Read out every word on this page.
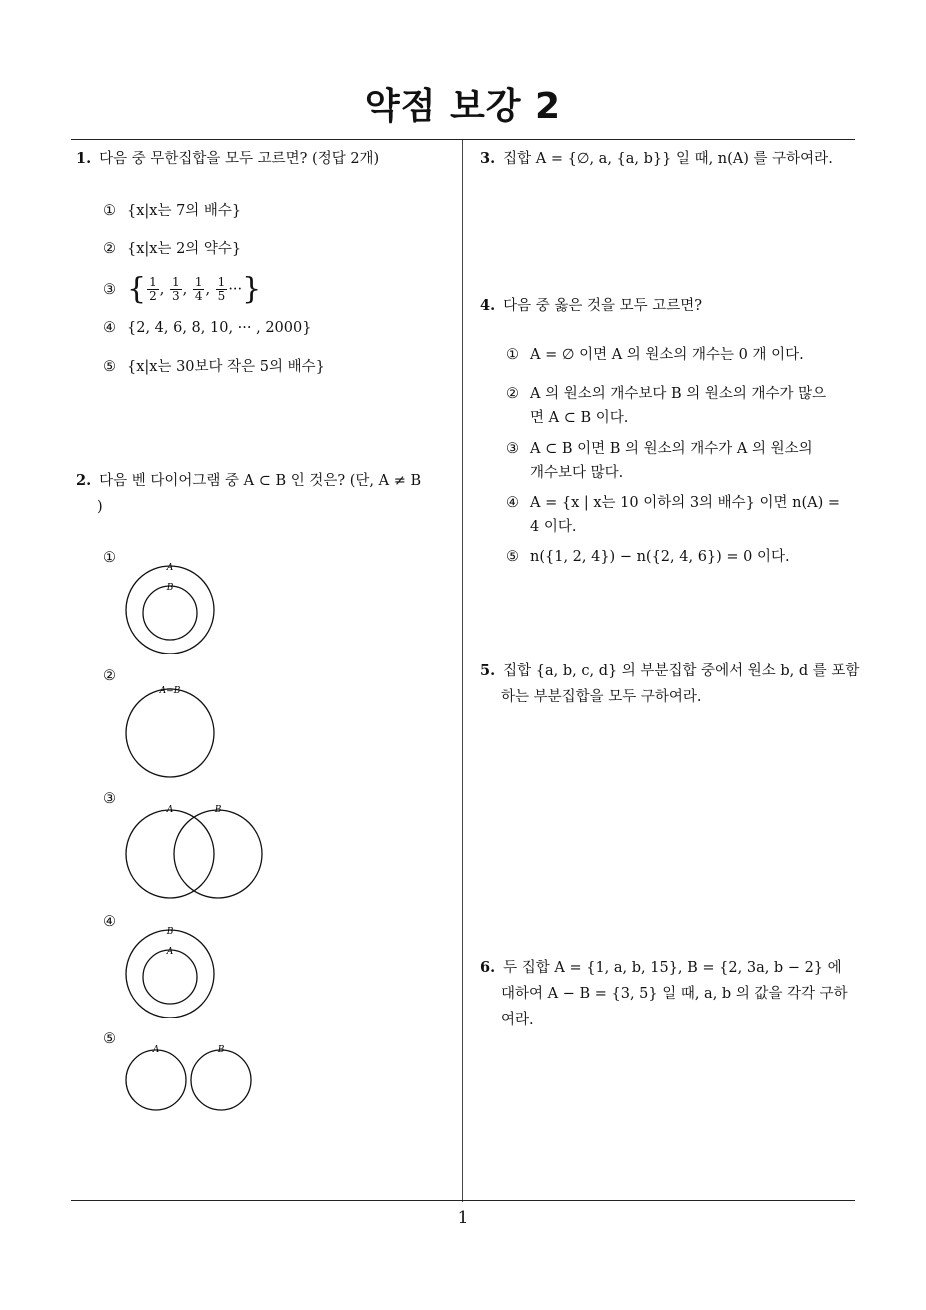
약점 보강 2
1. 다음 중 무한집합을 모두 고르면? (정답 2개)
① {x|x는 7의 배수}
② {x|x는 2의 약수}
③ { $\frac{1}{2}$ , $\frac{1}{3}$ , $\frac{1}{4}$ , $\frac{1}{5}$ ···}
④ {2, 4, 6, 8, 10, ··· , 2000}
⑤ {x|x는 30보다 작은 5의 배수}
2. 다음 벤 다이어그램 중 A ⊂ B 인 것은? (단, A ≠ B
)
①
A
B
②
A=B
③
A	B
④
B
A
⑤
A	B
3. 집합 A = {∅, a, {a, b}} 일 때, n(A) 를 구하여라.
4. 다음 중 옳은 것을 모두 고르면?
① A = ∅ 이면 A 의 원소의 개수는 0 개 이다.
② A 의 원소의 개수보다 B 의 원소의 개수가 많으
면 A ⊂ B 이다.
③ A ⊂ B 이면 B 의 원소의 개수가 A 의 원소의
개수보다 많다.
④ A = {x | x는 10 이하의 3의 배수} 이면 n(A) =
4 이다.
⑤ n({1, 2, 4}) − n({2, 4, 6}) = 0 이다.
5. 집합 {a, b, c, d} 의 부분집합 중에서 원소 b, d 를 포함
하는 부분집합을 모두 구하여라.
6. 두 집합 A = {1, a, b, 15}, B = {2, 3a, b − 2} 에
대하여 A − B = {3, 5} 일 때, a, b 의 값을 각각 구하
여라.
1
